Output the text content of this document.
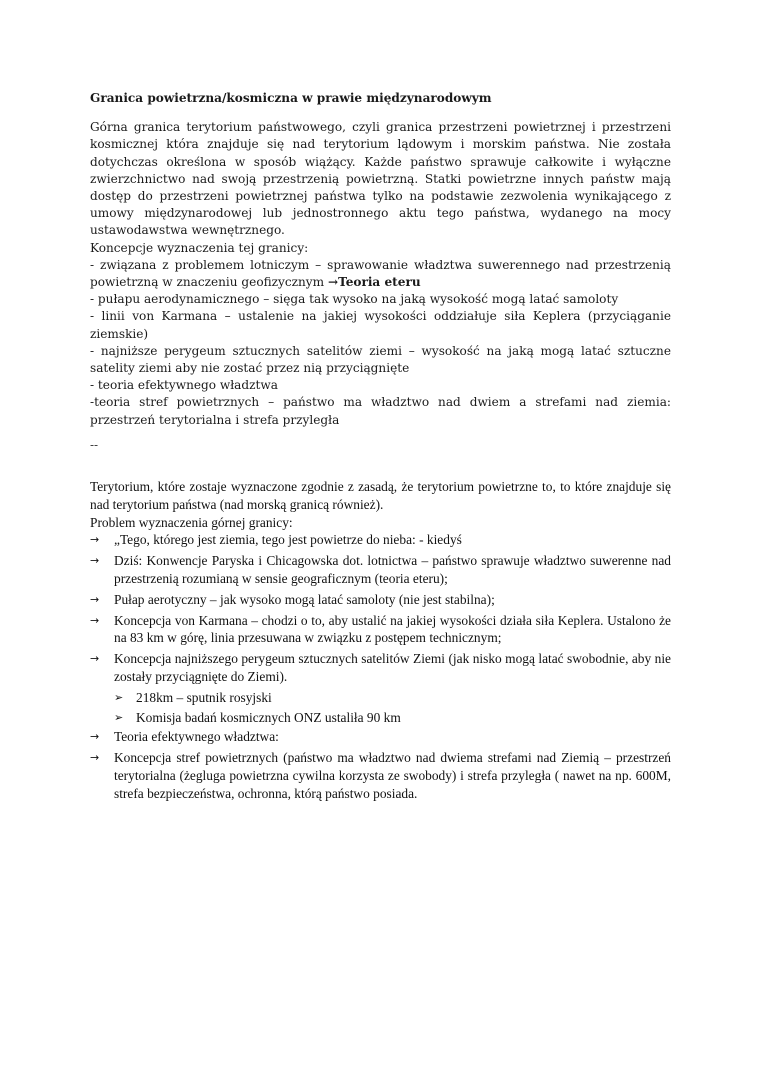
Granica powietrzna/kosmiczna w prawie międzynarodowym

Górna granica terytorium państwowego, czyli granica przestrzeni powietrznej i przestrzeni kosmicznej która znajduje się nad terytorium lądowym i morskim państwa. Nie została dotychczas określona w sposób wiążący. Każde państwo sprawuje całkowite i wyłączne zwierzchnictwo nad swoją przestrzenią powietrzną. Statki powietrzne innych państw mają dostęp do przestrzeni powietrznej państwa tylko na podstawie zezwolenia wynikającego z umowy międzynarodowej lub jednostronnego aktu tego państwa, wydanego na mocy ustawodawstwa wewnętrznego.

Koncepcje wyznaczenia tej granicy:

- związana z problemem lotniczym – sprawowanie władztwa suwerennego nad przestrzenią powietrzną w znaczeniu geofizycznym →Teoria eteru

- pułapu aerodynamicznego – sięga tak wysoko na jaką wysokość mogą latać samoloty

- linii von Karmana – ustalenie na jakiej wysokości oddziałuje siła Keplera (przyciąganie ziemskie)

- najniższe perygeum sztucznych satelitów ziemi – wysokość na jaką mogą latać sztuczne satelity ziemi aby nie zostać przez nią przyciągnięte

- teoria efektywnego władztwa

-teoria stref powietrznych – państwo ma władztwo nad dwiem a strefami nad ziemia: przestrzeń terytorialna i strefa przyległa

--

Terytorium, które zostaje wyznaczone zgodnie z zasadą, że terytorium powietrzne to, to które znajduje się nad terytorium państwa (nad morską granicą również).

Problem wyznaczenia górnej granicy:

→	„Tego, którego jest ziemia, tego jest powietrze do nieba: - kiedyś
→	Dziś: Konwencje Paryska i Chicagowska dot. lotnictwa – państwo sprawuje władztwo suwerenne nad przestrzenią rozumianą w sensie geograficznym (teoria eteru);
→	Pułap aerotyczny – jak wysoko mogą latać samoloty (nie jest stabilna);
→	Koncepcja von Karmana – chodzi o to, aby ustalić na jakiej wysokości działa siła Keplera. Ustalono że na 83 km w górę, linia przesuwana w związku z postępem technicznym;
→	Koncepcja najniższego perygeum sztucznych satelitów Ziemi (jak nisko mogą latać swobodnie, aby nie zostały przyciągnięte do Ziemi).
➢ 218km – sputnik rosyjski
➢ Komisja badań kosmicznych ONZ ustaliła 90 km
→	Teoria efektywnego władztwa:
→	Koncepcja stref powietrznych (państwo ma władztwo nad dwiema strefami nad Ziemią – przestrzeń terytorialna (żegluga powietrzna cywilna korzysta ze swobody) i strefa przyległa ( nawet na np. 600M, strefa bezpieczeństwa, ochronna, którą państwo posiada.
